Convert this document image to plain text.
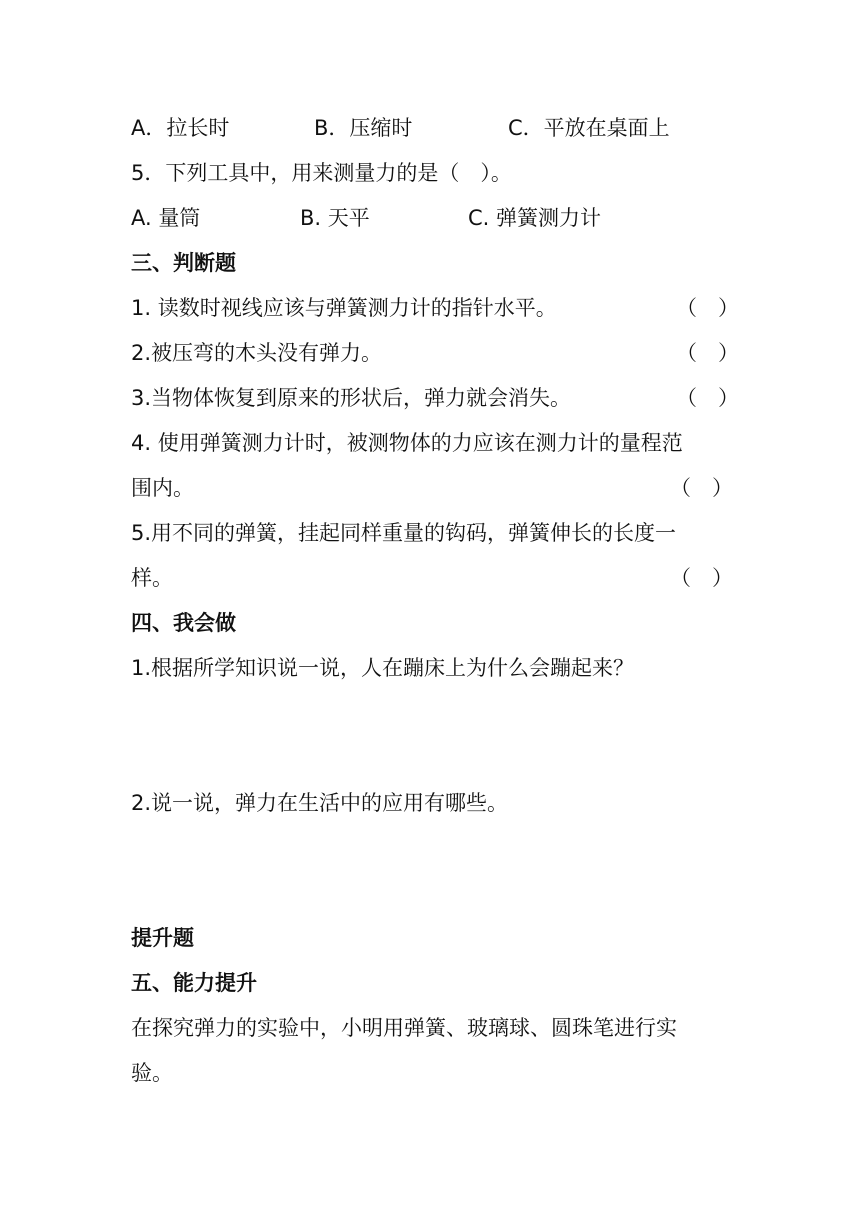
A．拉长时	B．压缩时	C．平放在桌面上
5．下列工具中，用来测量力的是（　）。
A. 量筒	B. 天平	C. 弹簧测力计
三、判断题
1. 读数时视线应该与弹簧测力计的指针水平。	（　）
2.被压弯的木头没有弹力。	（　）
3.当物体恢复到原来的形状后，弹力就会消失。	（　）
4. 使用弹簧测力计时，被测物体的力应该在测力计的量程范
围内。	（　）
5.用不同的弹簧，挂起同样重量的钩码，弹簧伸长的长度一
样。	（　）
四、我会做
1.根据所学知识说一说，人在蹦床上为什么会蹦起来？
2.说一说，弹力在生活中的应用有哪些。
提升题
五、能力提升
在探究弹力的实验中，小明用弹簧、玻璃球、圆珠笔进行实
验。
